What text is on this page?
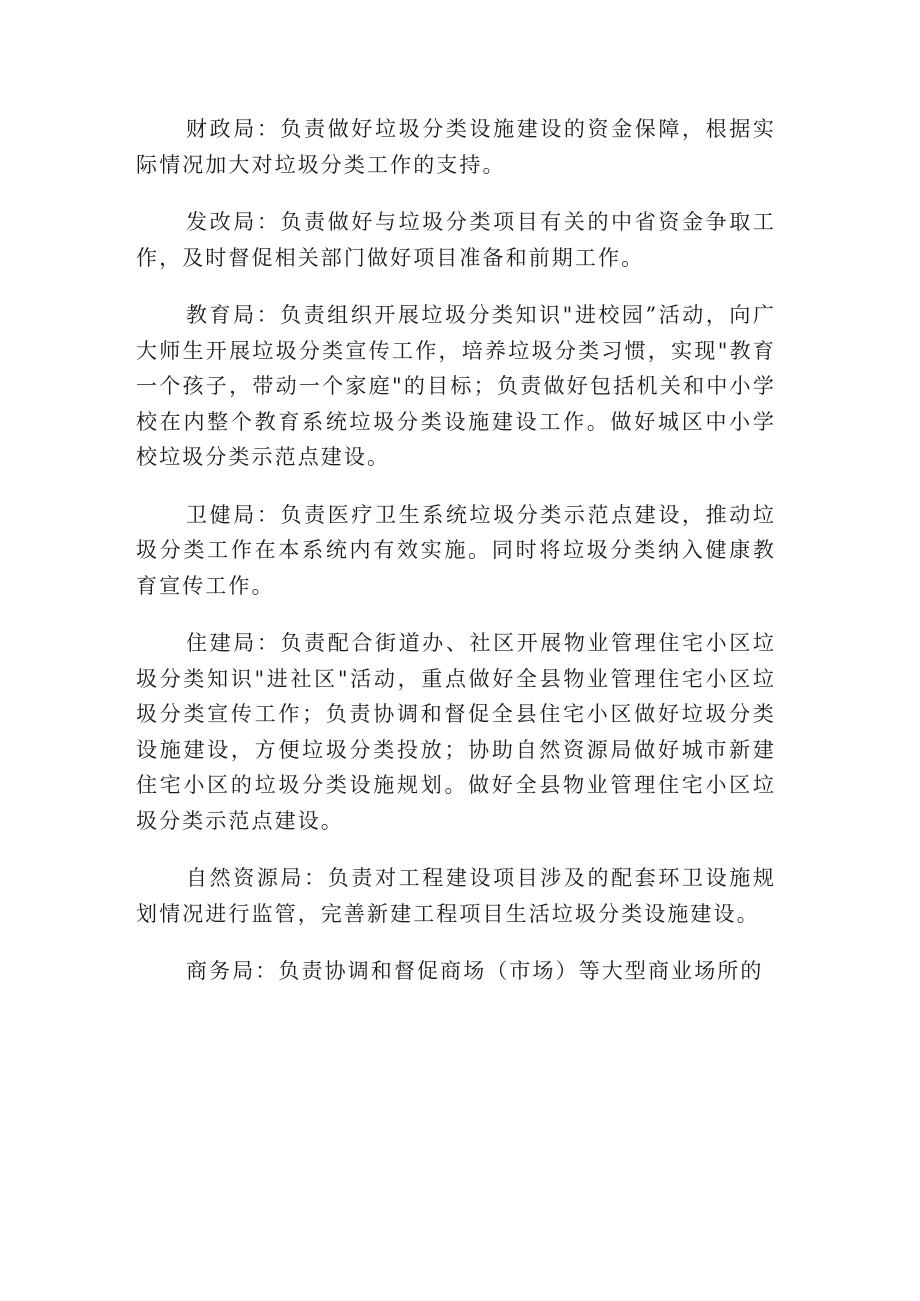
财政局：负责做好垃圾分类设施建设的资金保障，根据实际情况加大对垃圾分类工作的支持。

发改局：负责做好与垃圾分类项目有关的中省资金争取工作，及时督促相关部门做好项目准备和前期工作。

教育局：负责组织开展垃圾分类知识"进校园”活动，向广大师生开展垃圾分类宣传工作，培养垃圾分类习惯，实现"教育一个孩子，带动一个家庭"的目标；负责做好包括机关和中小学校在内整个教育系统垃圾分类设施建设工作。做好城区中小学校垃圾分类示范点建设。

卫健局：负责医疗卫生系统垃圾分类示范点建设，推动垃圾分类工作在本系统内有效实施。同时将垃圾分类纳入健康教育宣传工作。

住建局：负责配合街道办、社区开展物业管理住宅小区垃圾分类知识"进社区"活动，重点做好全县物业管理住宅小区垃圾分类宣传工作；负责协调和督促全县住宅小区做好垃圾分类设施建设，方便垃圾分类投放；协助自然资源局做好城市新建住宅小区的垃圾分类设施规划。做好全县物业管理住宅小区垃圾分类示范点建设。

自然资源局：负责对工程建设项目涉及的配套环卫设施规划情况进行监管，完善新建工程项目生活垃圾分类设施建设。

商务局：负责协调和督促商场（市场）等大型商业场所的
